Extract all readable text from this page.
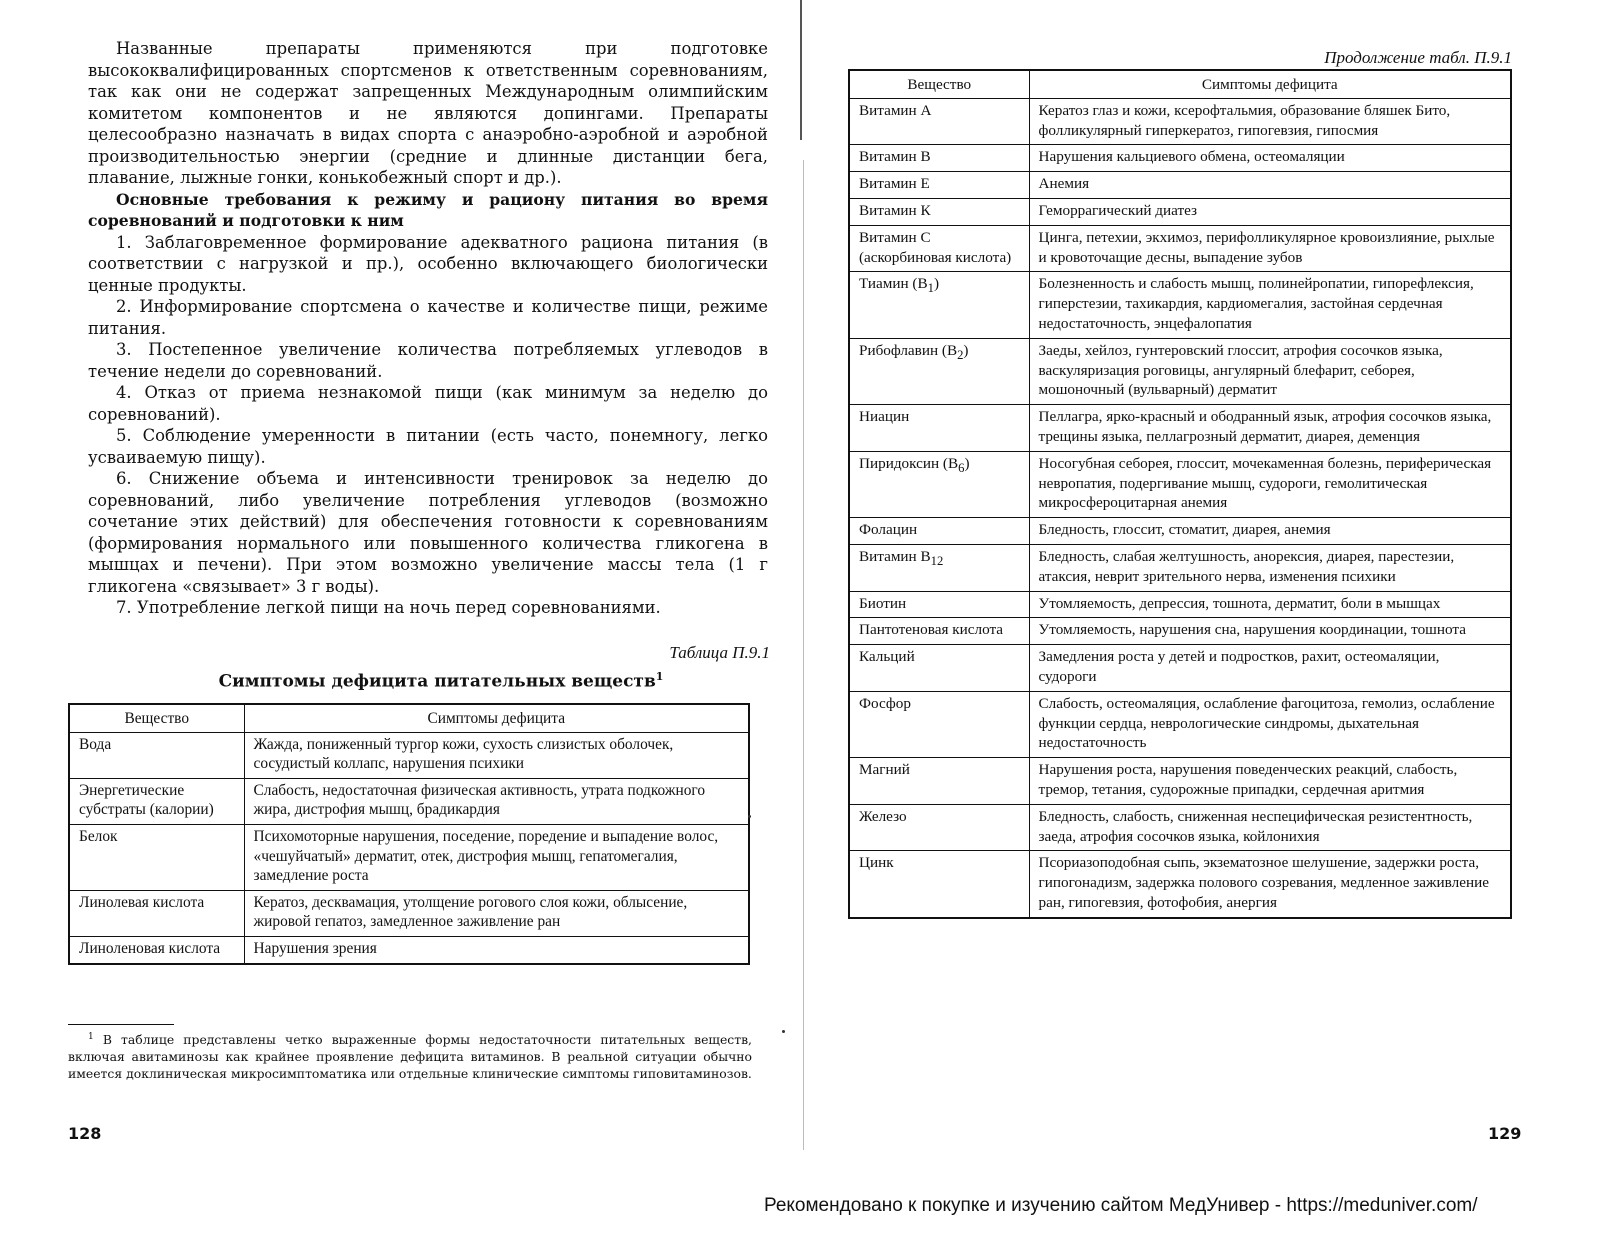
Названные препараты применяются при подготовке высококвалифицированных спортсменов к ответственным соревнованиям, так как они не содержат запрещенных Международным олимпийским комитетом компонентов и не являются допингами. Препараты целесообразно назначать в видах спорта с анаэробно-аэробной и аэробной производительностью энергии (средние и длинные дистанции бега, плавание, лыжные гонки, конькобежный спорт и др.).

Основные требования к режиму и рациону питания во время соревнований и подготовки к ним

1. Заблаговременное формирование адекватного рациона питания (в соответствии с нагрузкой и пр.), особенно включающего биологически ценные продукты.

2. Информирование спортсмена о качестве и количестве пищи, режиме питания.

3. Постепенное увеличение количества потребляемых углеводов в течение недели до соревнований.

4. Отказ от приема незнакомой пищи (как минимум за неделю до соревнований).

5. Соблюдение умеренности в питании (есть часто, понемногу, легко усваиваемую пищу).

6. Снижение объема и интенсивности тренировок за неделю до соревнований, либо увеличение потребления углеводов (возможно сочетание этих действий) для обеспечения готовности к соревнованиям (формирования нормального или повышенного количества гликогена в мышцах и печени). При этом возможно увеличение массы тела (1 г гликогена «связывает» 3 г воды).

7. Употребление легкой пищи на ночь перед соревнованиями.

Таблица П.9.1
Симптомы дефицита питательных веществ$^1$
Вещество	Симптомы дефицита
Вода	Жажда, пониженный тургор кожи, сухость слизистых оболочек, сосудистый коллапс, нарушения психики
Энергетические субстраты (калории)	Слабость, недостаточная физическая активность, утрата подкожного жира, дистрофия мышц, брадикардия
Белок	Психомоторные нарушения, поседение, поредение и выпадение волос, «чешуйчатый» дерматит, отек, дистрофия мышц, гепатомегалия, замедление роста
Линолевая кислота	Кератоз, десквамация, утолщение рогового слоя кожи, облысение, жировой гепатоз, замедленное заживление ран
Линоленовая кислота	Нарушения зрения
$^1$ В таблице представлены четко выраженные формы недостаточности питательных веществ, включая авитаминозы как крайнее проявление дефицита витаминов. В реальной ситуации обычно имеется доклиническая микросимптоматика или отдельные клинические симптомы гиповитаминозов.
128
Продолжение табл. П.9.1
Вещество	Симптомы дефицита
Витамин А	Кератоз глаз и кожи, ксерофтальмия, образование бляшек Бито, фолликулярный гиперкератоз, гипогевзия, гипосмия
Витамин В	Нарушения кальциевого обмена, остеомаляции
Витамин Е	Анемия
Витамин К	Геморрагический диатез
Витамин С (аскорбиновая кислота)	Цинга, петехии, экхимоз, перифолликулярное кровоизлияние, рыхлые и кровоточащие десны, выпадение зубов
Тиамин $(B_1)$	Болезненность и слабость мышц, полинейропатии, гипорефлексия, гиперстезии, тахикардия, кардиомегалия, застойная сердечная недостаточность, энцефалопатия
Рибофлавин $(B_2)$	Заеды, хейлоз, гунтеровский глоссит, атрофия сосочков языка, васкуляризация роговицы, ангулярный блефарит, себорея, мошоночный (вульварный) дерматит
Ниацин	Пеллагра, ярко-красный и ободранный язык, атрофия сосочков языка, трещины языка, пеллагрозный дерматит, диарея, деменция
Пиридоксин $(B_6)$	Носогубная себорея, глоссит, мочекаменная болезнь, периферическая невропатия, подергивание мышц, судороги, гемолитическая микросфероцитарная анемия
Фолацин	Бледность, глоссит, стоматит, диарея, анемия
Витамин $B_{12}$	Бледность, слабая желтушность, анорексия, диарея, парестезии, атаксия, неврит зрительного нерва, изменения психики
Биотин	Утомляемость, депрессия, тошнота, дерматит, боли в мышцах
Пантотеновая кислота	Утомляемость, нарушения сна, нарушения координации, тошнота
Кальций	Замедления роста у детей и подростков, рахит, остеомаляции, судороги
Фосфор	Слабость, остеомаляция, ослабление фагоцитоза, гемолиз, ослабление функции сердца, неврологические синдромы, дыхательная недостаточность
Магний	Нарушения роста, нарушения поведенческих реакций, слабость, тремор, тетания, судорожные припадки, сердечная аритмия
Железо	Бледность, слабость, сниженная неспецифическая резистентность, заеда, атрофия сосочков языка, койлонихия
Цинк	Псориазоподобная сыпь, экзематозное шелушение, задержки роста, гипогонадизм, задержка полового созревания, медленное заживление ран, гипогевзия, фотофобия, анергия
129
Рекомендовано к покупке и изучению сайтом МедУнивер - https://meduniver.com/
